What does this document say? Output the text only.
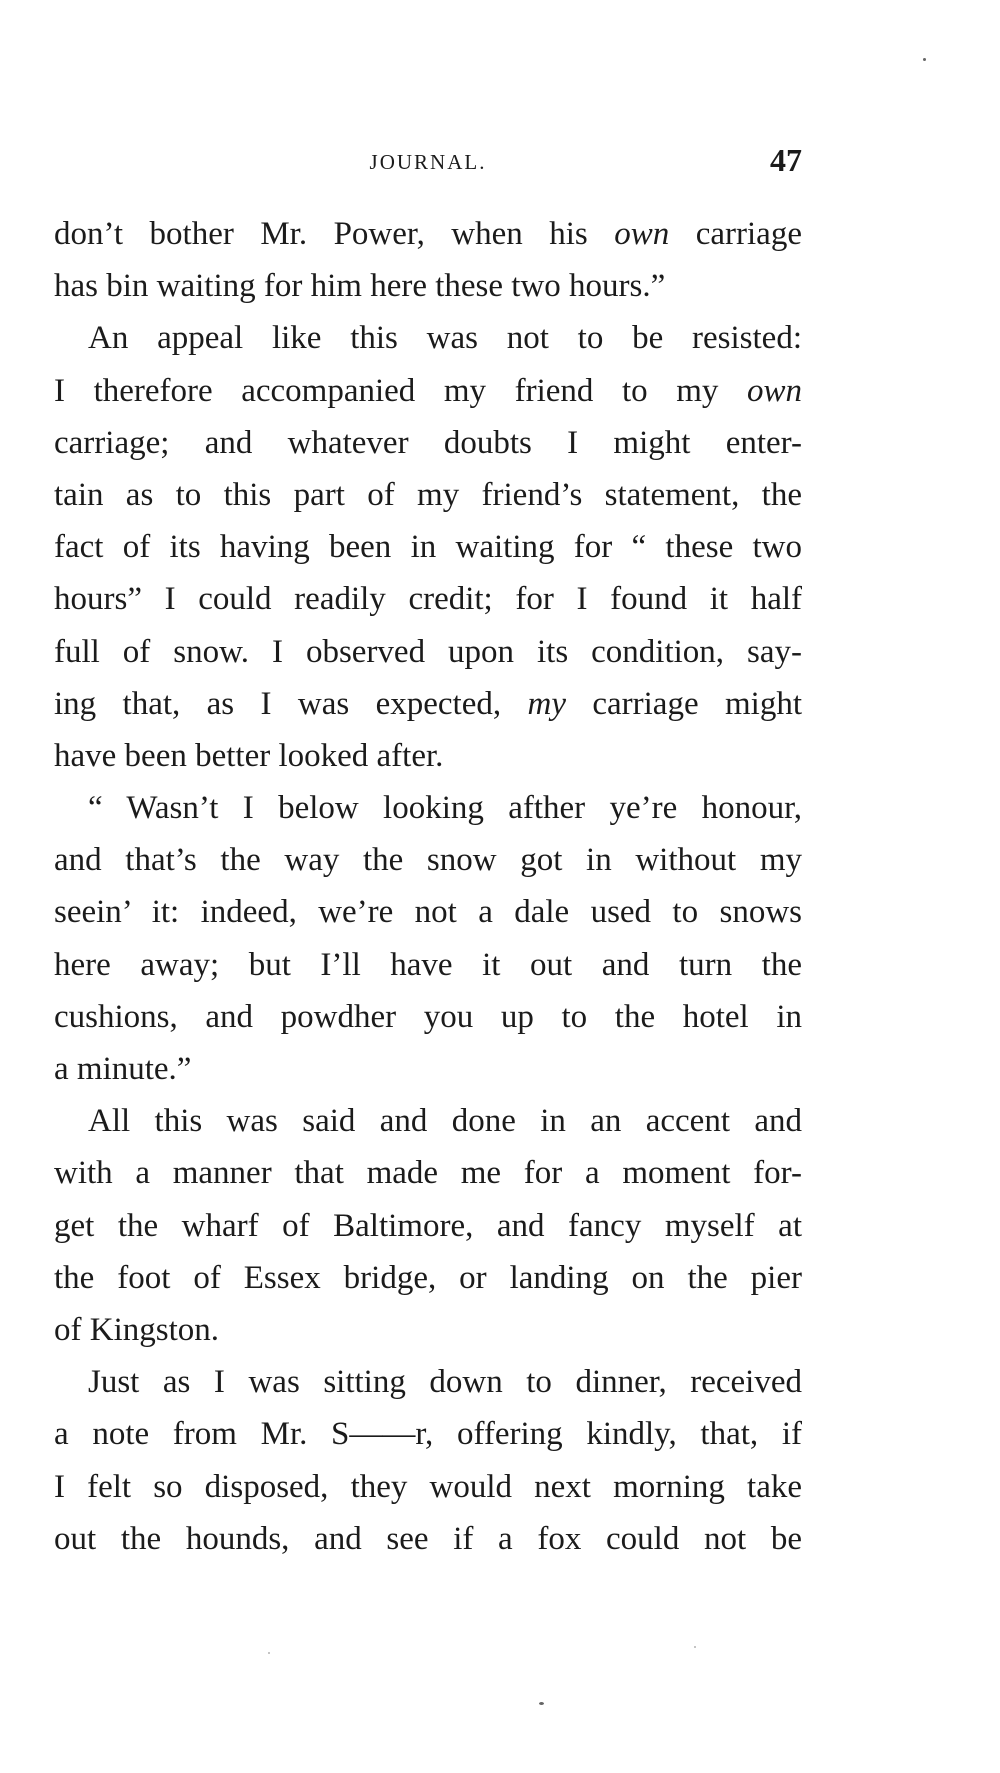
JOURNAL.	47
don’t bother Mr. Power, when his own carriage
has bin waiting for him here these two hours.”
An appeal like this was not to be resisted:
I therefore accompanied my friend to my own
carriage; and whatever doubts I might enter-
tain as to this part of my friend’s statement, the
fact of its having been in waiting for “ these two
hours” I could readily credit; for I found it half
full of snow. I observed upon its condition, say-
ing that, as I was expected, my carriage might
have been better looked after.
“ Wasn’t I below looking afther ye’re honour,
and that’s the way the snow got in without my
seein’ it: indeed, we’re not a dale used to snows
here away; but I’ll have it out and turn the
cushions, and powdher you up to the hotel in
a minute.”
All this was said and done in an accent and
with a manner that made me for a moment for-
get the wharf of Baltimore, and fancy myself at
the foot of Essex bridge, or landing on the pier
of Kingston.
Just as I was sitting down to dinner, received
a note from Mr. S——r, offering kindly, that, if
I felt so disposed, they would next morning take
out the hounds, and see if a fox could not be
